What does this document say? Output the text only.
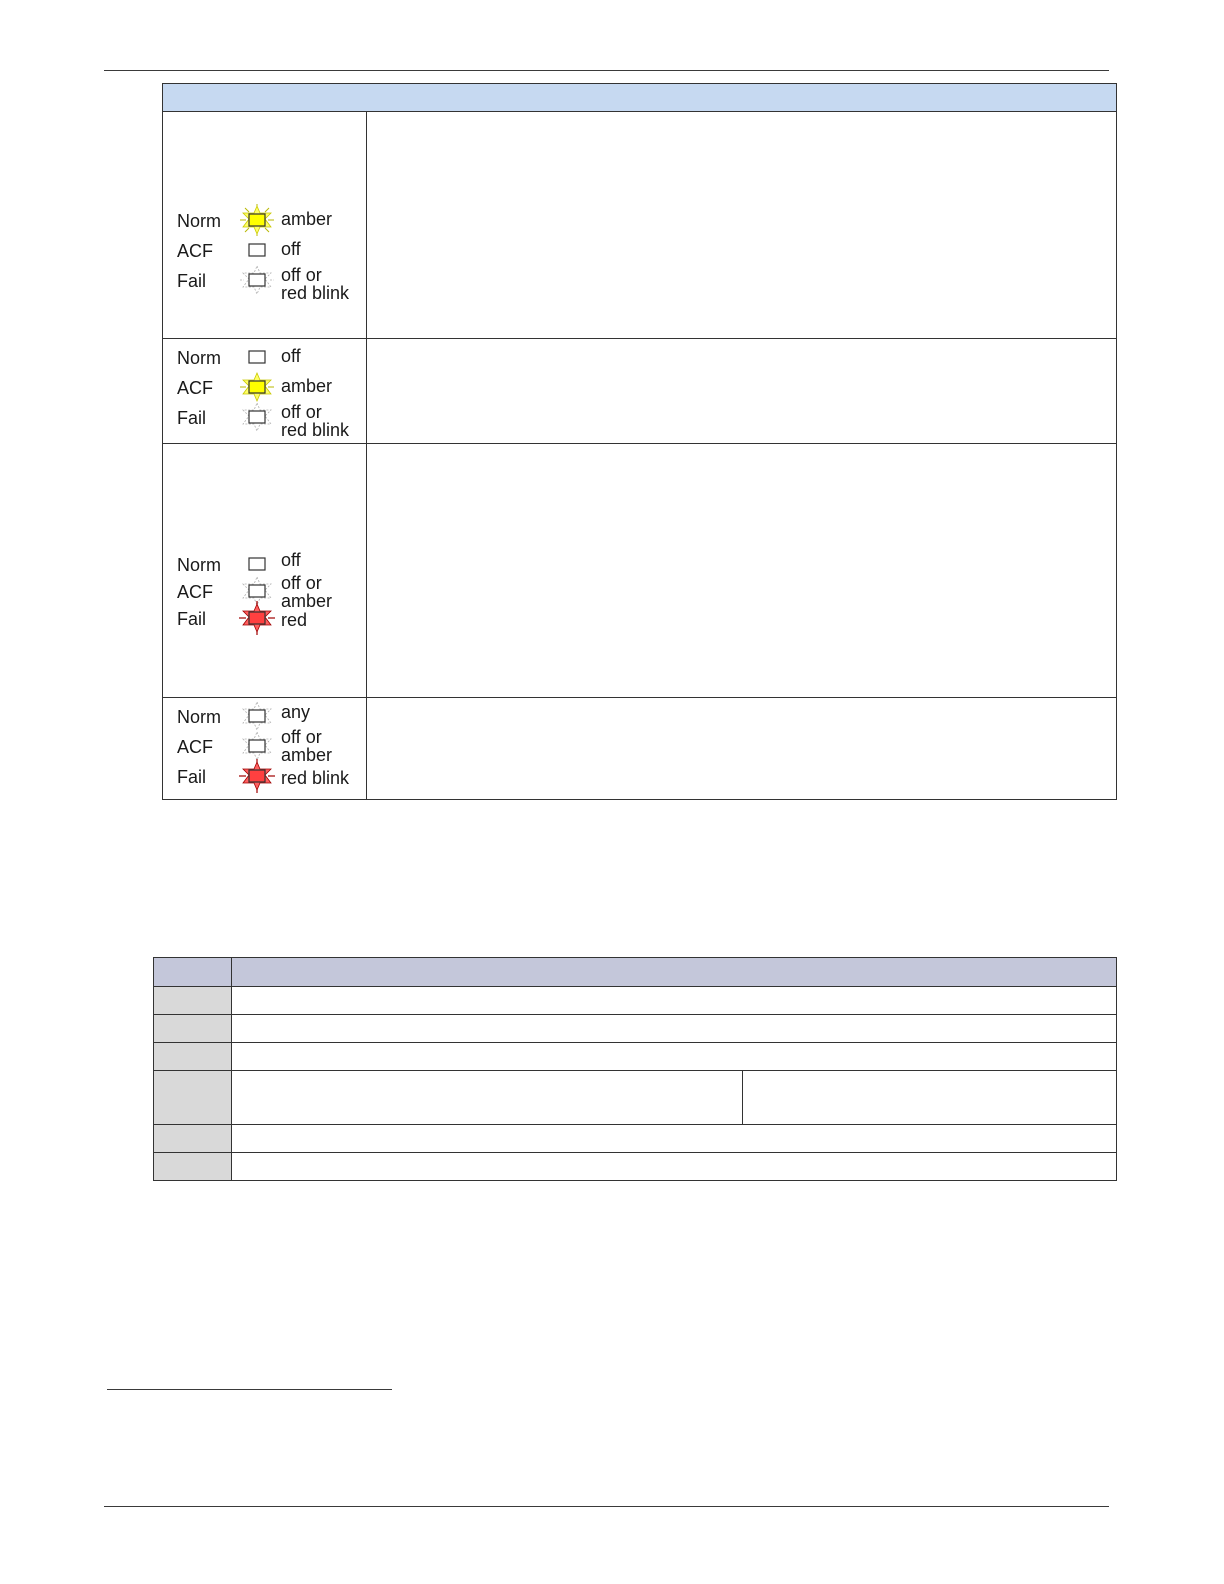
Norm	amber
ACF	off
Fail	off or
red blink
Norm	off
ACF	amber
Fail	off or
red blink
Norm	off
ACF	off or
amber
Fail	red
Norm	any
ACF	off or
amber
Fail	red blink
